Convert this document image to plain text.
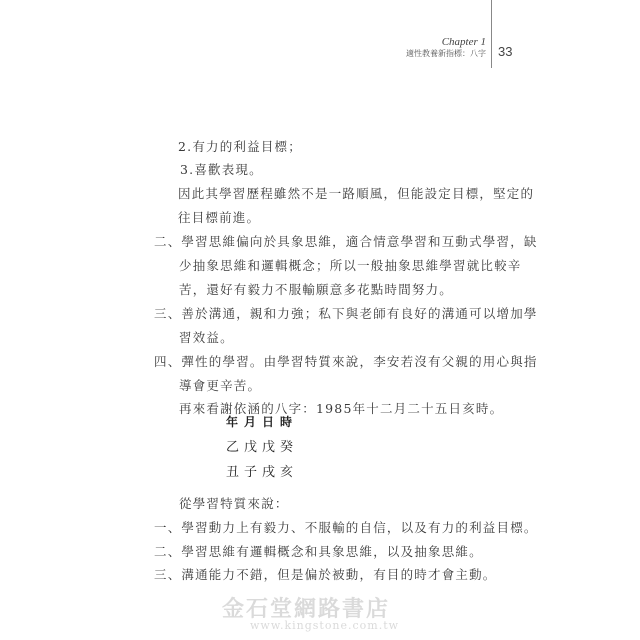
Chapter 1
適性教養新指標：八字 33
2.有力的利益目標；
3.喜歡表現。
因此其學習歷程雖然不是一路順風，但能設定目標，堅定的
往目標前進。
二、學習思維偏向於具象思維，適合情意學習和互動式學習，缺
少抽象思維和邏輯概念；所以一般抽象思維學習就比較辛
苦，還好有毅力不服輸願意多花點時間努力。
三、善於溝通，親和力強；私下與老師有良好的溝通可以增加學
習效益。
四、彈性的學習。由學習特質來說，李安若沒有父親的用心與指
導會更辛苦。
再來看謝依涵的八字：1985年十二月二十五日亥時。
年 月 日 時
乙 戊 戊 癸
丑 子 戌 亥
從學習特質來說：
一、學習動力上有毅力、不服輸的自信，以及有力的利益目標。
二、學習思維有邏輯概念和具象思維，以及抽象思維。
三、溝通能力不錯，但是偏於被動，有目的時才會主動。
金石堂網路書店
www.kingstone.com.tw
